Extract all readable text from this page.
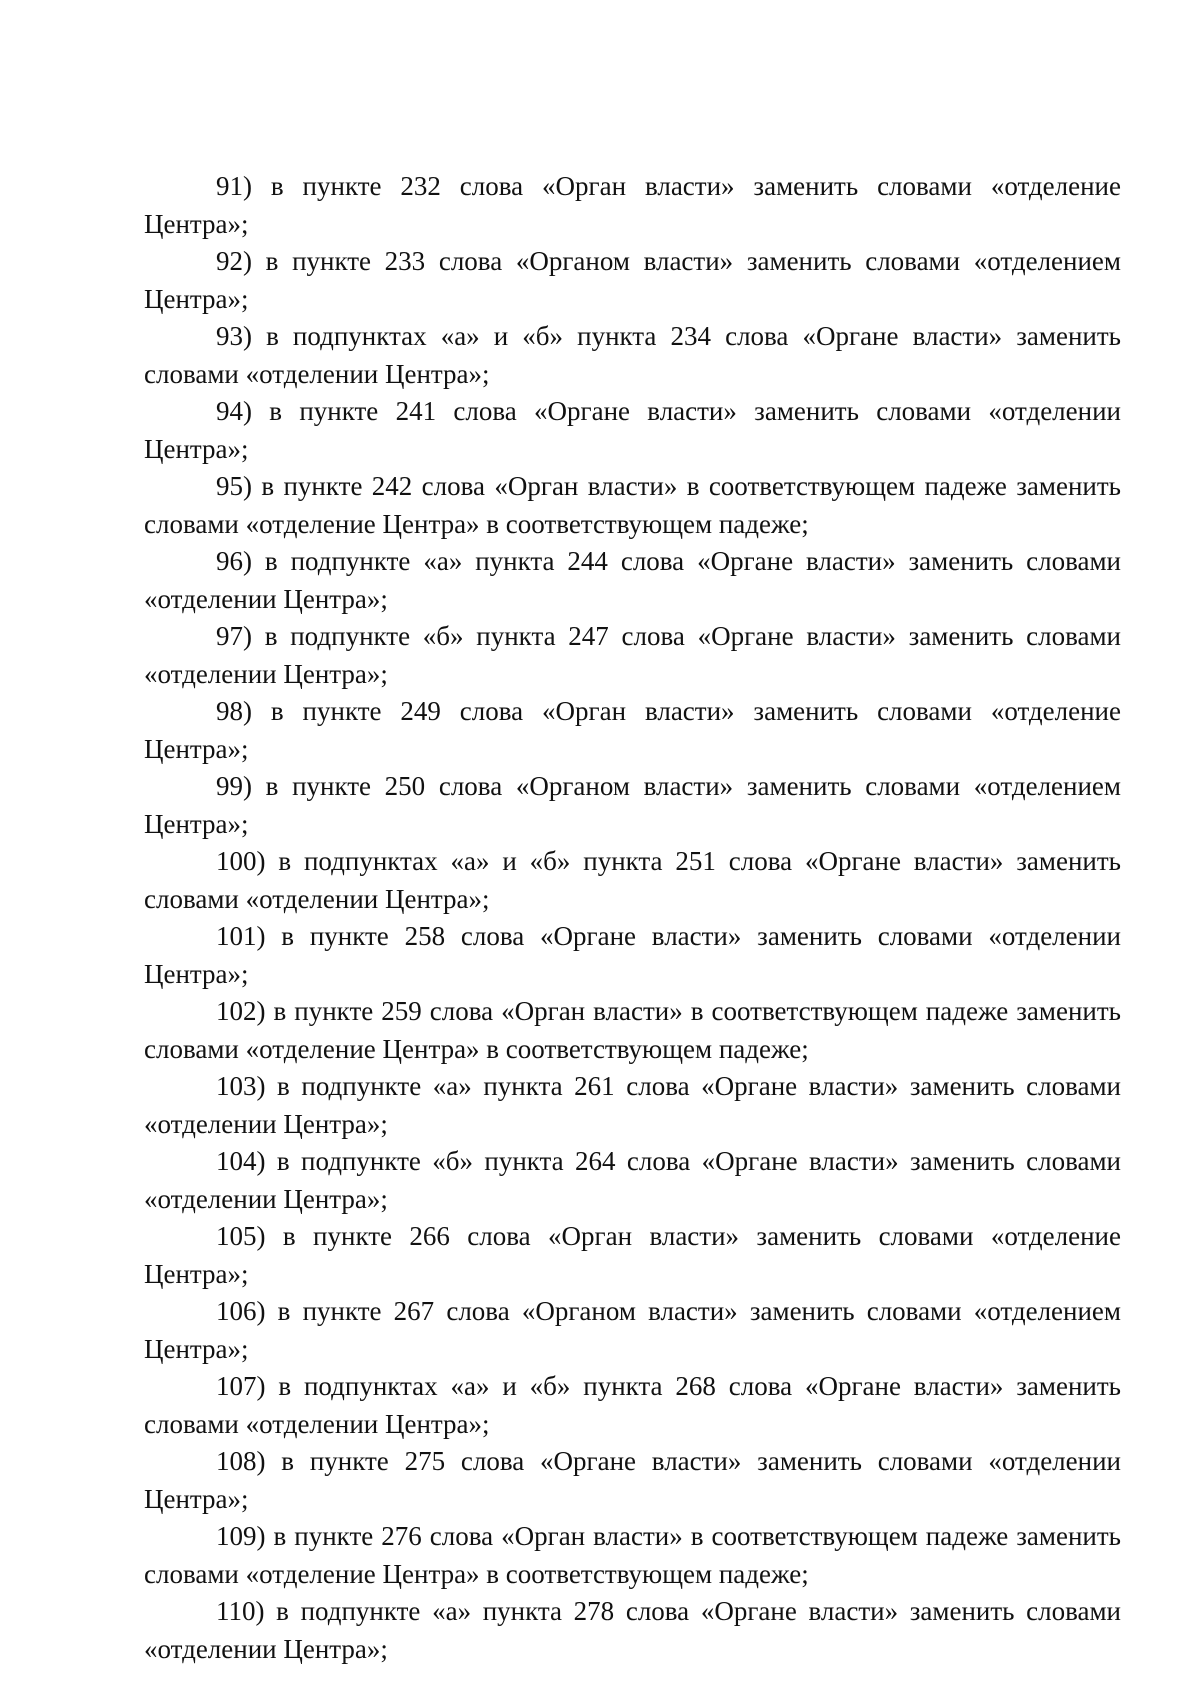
91) в пункте 232 слова «Орган власти» заменить словами «отделение Центра»;

92) в пункте 233 слова «Органом власти» заменить словами «отделением Центра»;

93) в подпунктах «а» и «б» пункта 234 слова «Органе власти» заменить словами «отделении Центра»;

94) в пункте 241 слова «Органе власти» заменить словами «отделении Центра»;

95) в пункте 242 слова «Орган власти» в соответствующем падеже заменить словами «отделение Центра» в соответствующем падеже;

96) в подпункте «а» пункта 244 слова «Органе власти» заменить словами «отделении Центра»;

97) в подпункте «б» пункта 247 слова «Органе власти» заменить словами «отделении Центра»;

98) в пункте 249 слова «Орган власти» заменить словами «отделение Центра»;

99) в пункте 250 слова «Органом власти» заменить словами «отделением Центра»;

100) в подпунктах «а» и «б» пункта 251 слова «Органе власти» заменить словами «отделении Центра»;

101) в пункте 258 слова «Органе власти» заменить словами «отделении Центра»;

102) в пункте 259 слова «Орган власти» в соответствующем падеже заменить словами «отделение Центра» в соответствующем падеже;

103) в подпункте «а» пункта 261 слова «Органе власти» заменить словами «отделении Центра»;

104) в подпункте «б» пункта 264 слова «Органе власти» заменить словами «отделении Центра»;

105) в пункте 266 слова «Орган власти» заменить словами «отделение Центра»;

106) в пункте 267 слова «Органом власти» заменить словами «отделением Центра»;

107) в подпунктах «а» и «б» пункта 268 слова «Органе власти» заменить словами «отделении Центра»;

108) в пункте 275 слова «Органе власти» заменить словами «отделении Центра»;

109) в пункте 276 слова «Орган власти» в соответствующем падеже заменить словами «отделение Центра» в соответствующем падеже;

110) в подпункте «а» пункта 278 слова «Органе власти» заменить словами «отделении Центра»;
